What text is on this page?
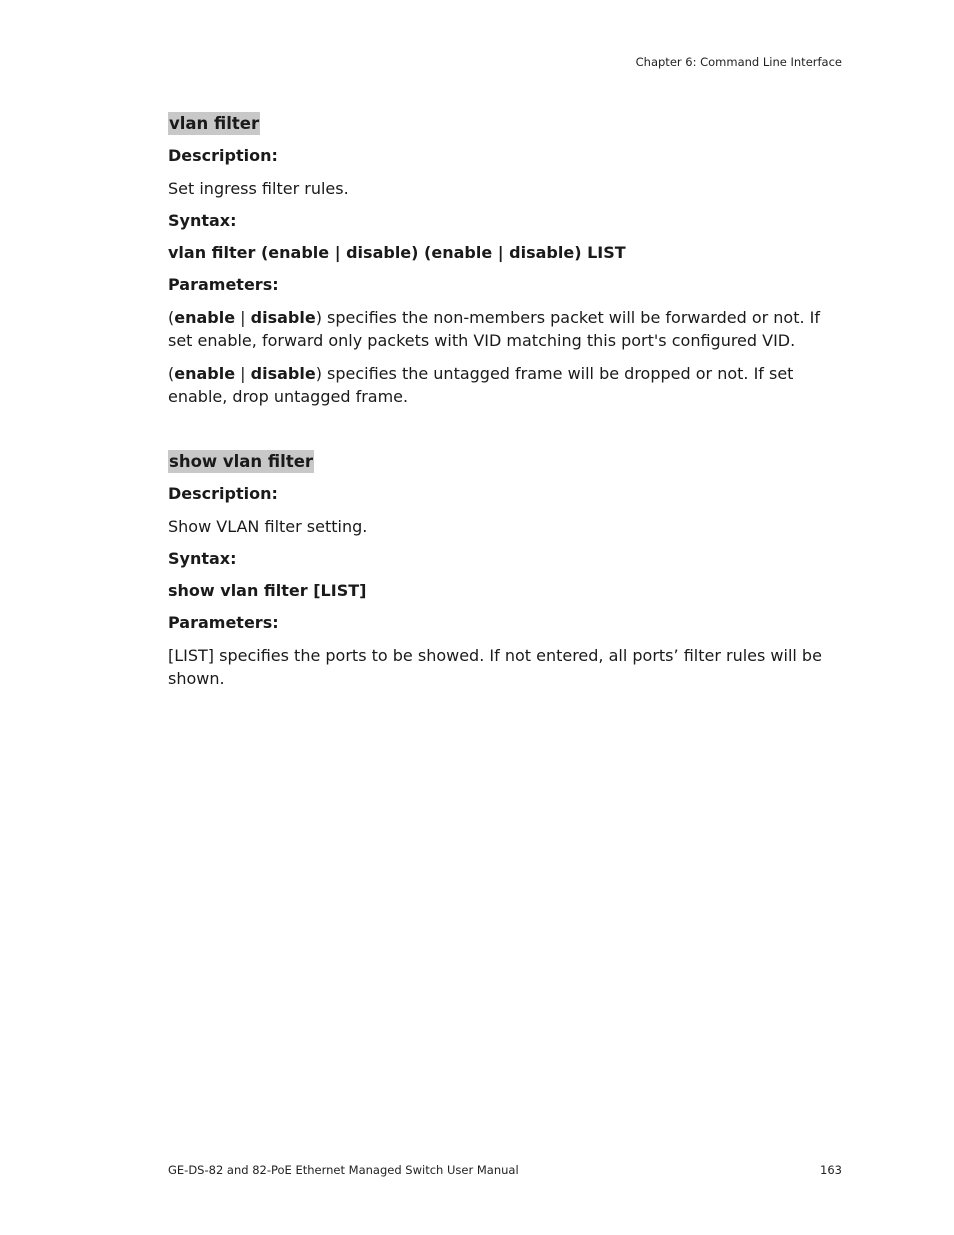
Chapter 6: Command Line Interface
vlan filter
Description:
Set ingress filter rules.
Syntax:
vlan filter (enable | disable) (enable | disable) LIST
Parameters:
(enable | disable) specifies the non-members packet will be forwarded or not. If set enable, forward only packets with VID matching this port's configured VID.
(enable | disable) specifies the untagged frame will be dropped or not. If set enable, drop untagged frame.
show vlan filter
Description:
Show VLAN filter setting.
Syntax:
show vlan filter [LIST]
Parameters:
[LIST] specifies the ports to be showed. If not entered, all ports’ filter rules will be shown.
GE-DS-82 and 82-PoE Ethernet Managed Switch User Manual	163
